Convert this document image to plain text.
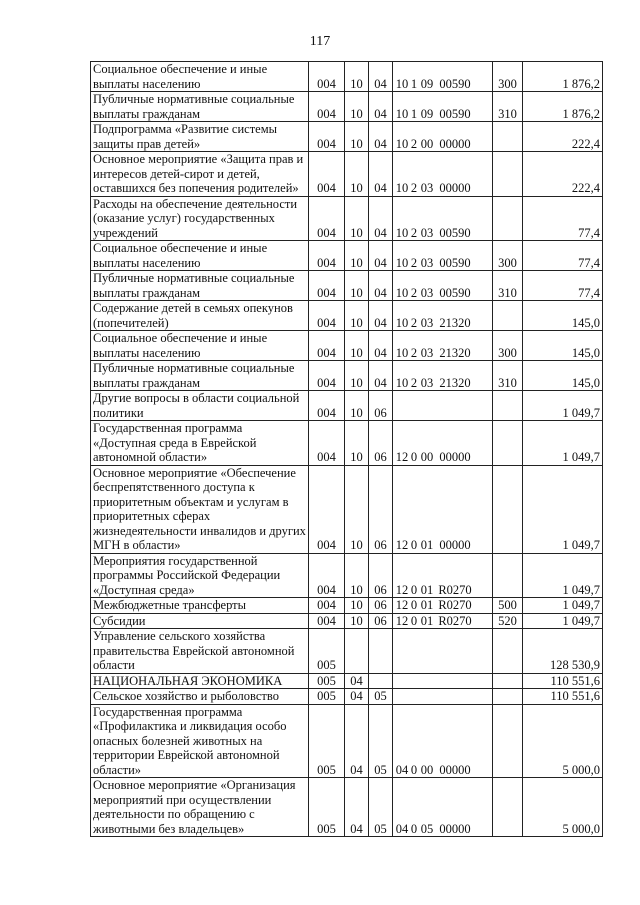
117
Социальное обеспечение и иные выплаты населению	004	10	04	10 1 09 00590	300	1 876,2
Публичные нормативные социальные выплаты гражданам	004	10	04	10 1 09 00590	310	1 876,2
Подпрограмма «Развитие системы защиты прав детей»	004	10	04	10 2 00 00000		222,4
Основное мероприятие «Защита прав и интересов детей-сирот и детей, оставшихся без попечения родителей»	004	10	04	10 2 03 00000		222,4
Расходы на обеспечение деятельности (оказание услуг) государственных учреждений	004	10	04	10 2 03 00590		77,4
Социальное обеспечение и иные выплаты населению	004	10	04	10 2 03 00590	300	77,4
Публичные нормативные социальные выплаты гражданам	004	10	04	10 2 03 00590	310	77,4
Содержание детей в семьях опекунов (попечителей)	004	10	04	10 2 03 21320		145,0
Социальное обеспечение и иные выплаты населению	004	10	04	10 2 03 21320	300	145,0
Публичные нормативные социальные выплаты гражданам	004	10	04	10 2 03 21320	310	145,0
Другие вопросы в области социальной политики	004	10	06			1 049,7
Государственная программа «Доступная среда в Еврейской автономной области»	004	10	06	12 0 00 00000		1 049,7
Основное мероприятие «Обеспечение беспрепятственного доступа к приоритетным объектам и услугам в приоритетных сферах жизнедеятельности инвалидов и других МГН в области»	004	10	06	12 0 01 00000		1 049,7
Мероприятия государственной программы Российской Федерации «Доступная среда»	004	10	06	12 0 01 R0270		1 049,7
Межбюджетные трансферты	004	10	06	12 0 01 R0270	500	1 049,7
Субсидии	004	10	06	12 0 01 R0270	520	1 049,7
Управление сельского хозяйства правительства Еврейской автономной области	005					128 530,9
НАЦИОНАЛЬНАЯ ЭКОНОМИКА	005	04				110 551,6
Сельское хозяйство и рыболовство	005	04	05			110 551,6
Государственная программа «Профилактика и ликвидация особо опасных болезней животных на территории Еврейской автономной области»	005	04	05	04 0 00 00000		5 000,0
Основное мероприятие «Организация мероприятий при осуществлении деятельности по обращению с животными без владельцев»	005	04	05	04 0 05 00000		5 000,0
